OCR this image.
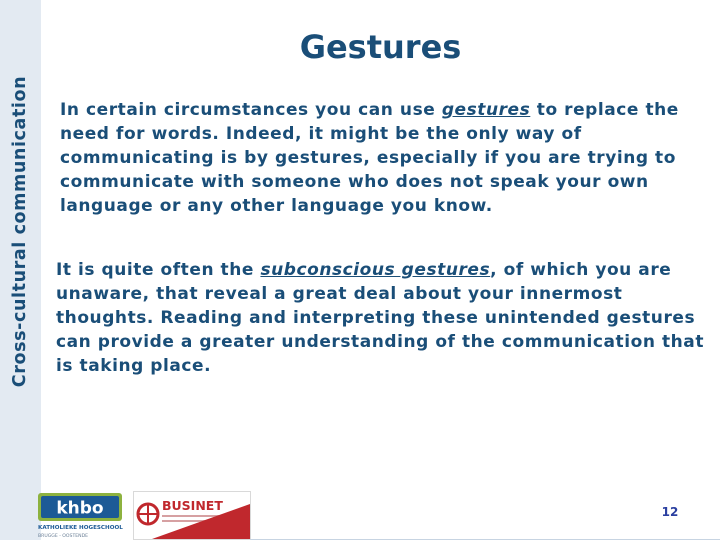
Cross-cultural communication
Gestures

In certain circumstances you can use gestures to replace the need for words. Indeed, it might be the only way of communicating is by gestures, especially if you are trying to communicate with someone who does not speak your own language or any other language you know.

It is quite often the subconscious gestures, of which you are unaware, that reveal a great deal about your innermost thoughts. Reading and interpreting these unintended gestures can provide a greater understanding of the communication that is taking place.

khbo
KATHOLIEKE HOGESCHOOL
BRUGGE - OOSTENDE
BUSINET	12
